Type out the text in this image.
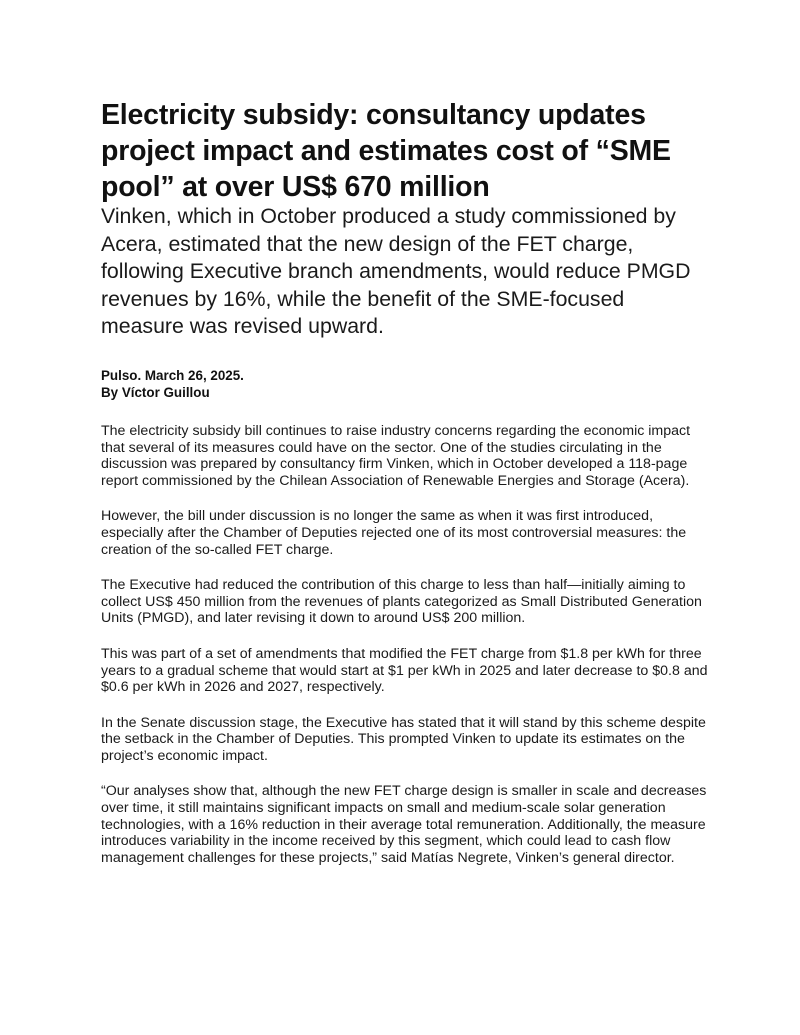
Electricity subsidy: consultancy updates project impact and estimates cost of “SME pool” at over US$ 670 million
Vinken, which in October produced a study commissioned by Acera, estimated that the new design of the FET charge, following Executive branch amendments, would reduce PMGD revenues by 16%, while the benefit of the SME-focused measure was revised upward.
Pulso. March 26, 2025.
By Víctor Guillou

The electricity subsidy bill continues to raise industry concerns regarding the economic impact that several of its measures could have on the sector. One of the studies circulating in the discussion was prepared by consultancy firm Vinken, which in October developed a 118-page report commissioned by the Chilean Association of Renewable Energies and Storage (Acera).

However, the bill under discussion is no longer the same as when it was first introduced, especially after the Chamber of Deputies rejected one of its most controversial measures: the creation of the so-called FET charge.

The Executive had reduced the contribution of this charge to less than half—initially aiming to collect US$ 450 million from the revenues of plants categorized as Small Distributed Generation Units (PMGD), and later revising it down to around US$ 200 million.

This was part of a set of amendments that modified the FET charge from $1.8 per kWh for three years to a gradual scheme that would start at $1 per kWh in 2025 and later decrease to $0.8 and $0.6 per kWh in 2026 and 2027, respectively.

In the Senate discussion stage, the Executive has stated that it will stand by this scheme despite the setback in the Chamber of Deputies. This prompted Vinken to update its estimates on the project’s economic impact.

“Our analyses show that, although the new FET charge design is smaller in scale and decreases over time, it still maintains significant impacts on small and medium-scale solar generation technologies, with a 16% reduction in their average total remuneration. Additionally, the measure introduces variability in the income received by this segment, which could lead to cash flow management challenges for these projects,” said Matías Negrete, Vinken’s general director.
